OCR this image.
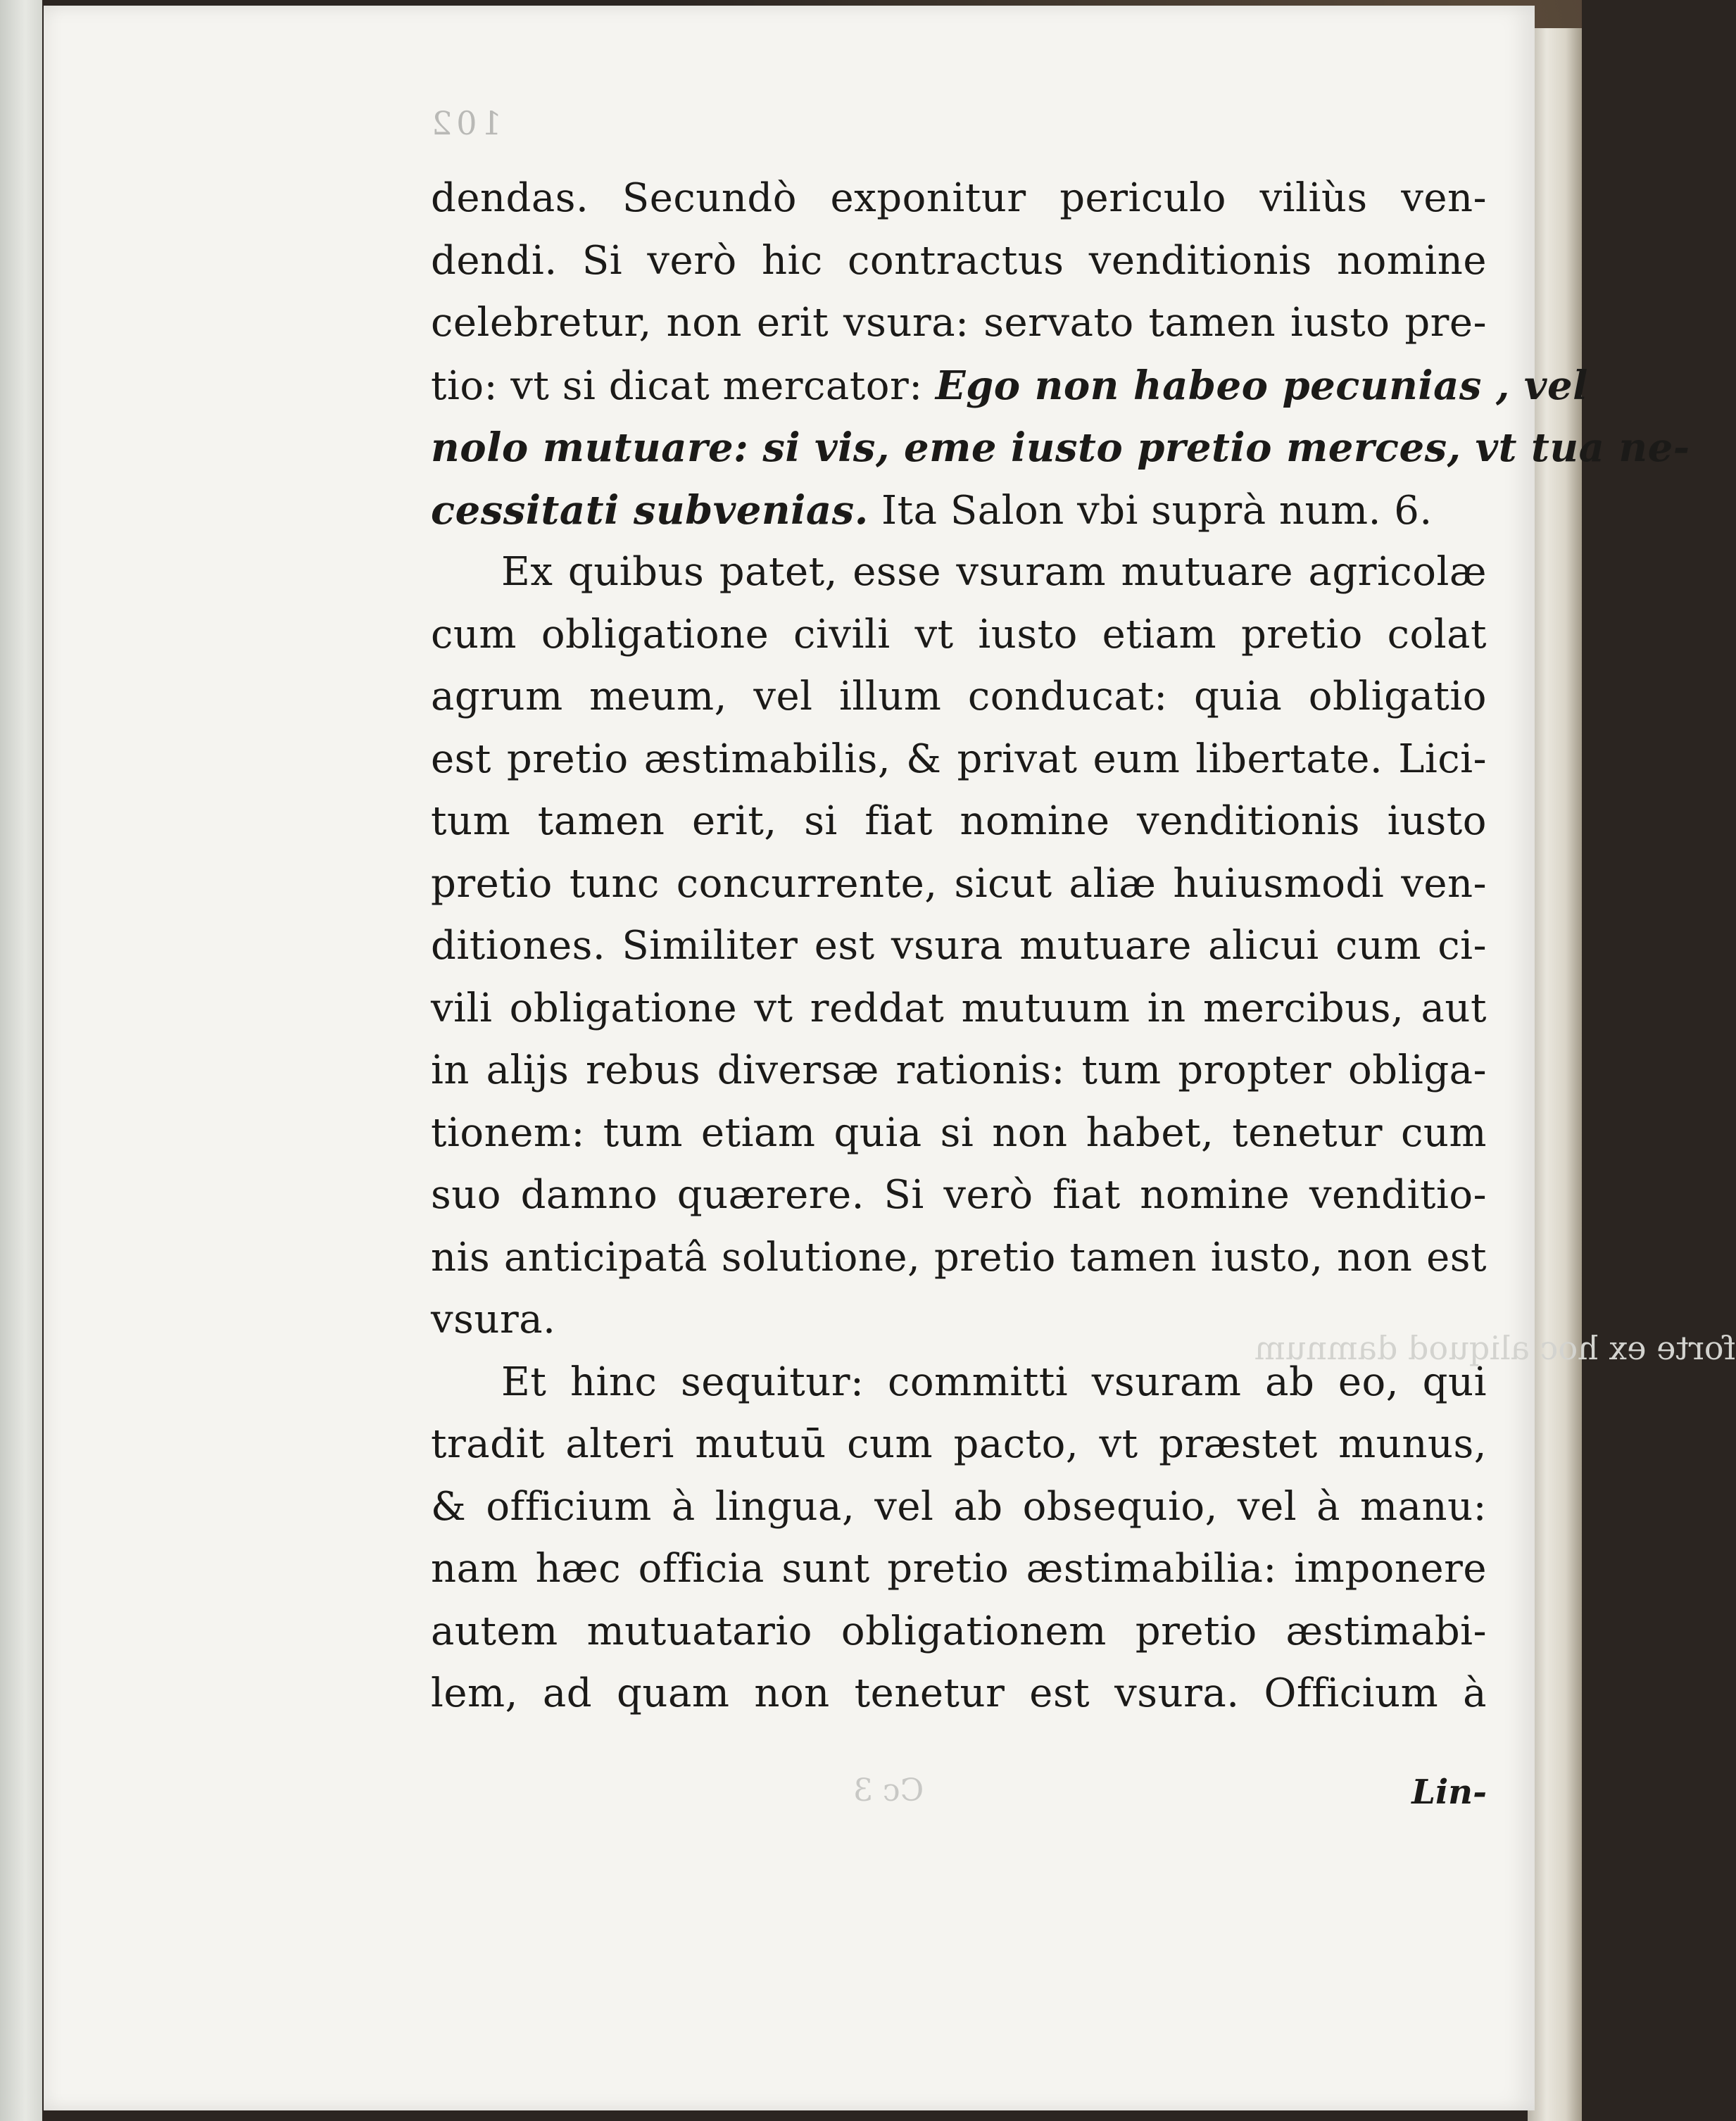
forte ex hoc aliquod damnum
102
dendas. Secundò exponitur periculo viliùs ven-
dendi. Si verò hic contractus venditionis nomine
celebretur, non erit vsura: servato tamen iusto pre-
tio: vt si dicat mercator: Ego non habeo pecunias , vel
nolo mutuare: si vis, eme iusto pretio merces, vt tua ne-
cessitati subvenias. Ita Salon vbi suprà num. 6.
Ex quibus patet, esse vsuram mutuare agricolæ
cum obligatione civili vt iusto etiam pretio colat
agrum meum, vel illum conducat: quia obligatio
est pretio æstimabilis, & privat eum libertate. Lici-
tum tamen erit, si fiat nomine venditionis iusto
pretio tunc concurrente, sicut aliæ huiusmodi ven-
ditiones. Similiter est vsura mutuare alicui cum ci-
vili obligatione vt reddat mutuum in mercibus, aut
in alijs rebus diversæ rationis: tum propter obliga-
tionem: tum etiam quia si non habet, tenetur cum
suo damno quærere. Si verò fiat nomine venditio-
nis anticipatâ solutione, pretio tamen iusto, non est
vsura.
Et hinc sequitur: committi vsuram ab eo, qui
tradit alteri mutuū cum pacto, vt præstet munus,
& officium à lingua, vel ab obsequio, vel à manu:
nam hæc officia sunt pretio æstimabilia: imponere
autem mutuatario obligationem pretio æstimabi-
lem, ad quam non tenetur est vsura. Officium à
Cc 3	Lin-
